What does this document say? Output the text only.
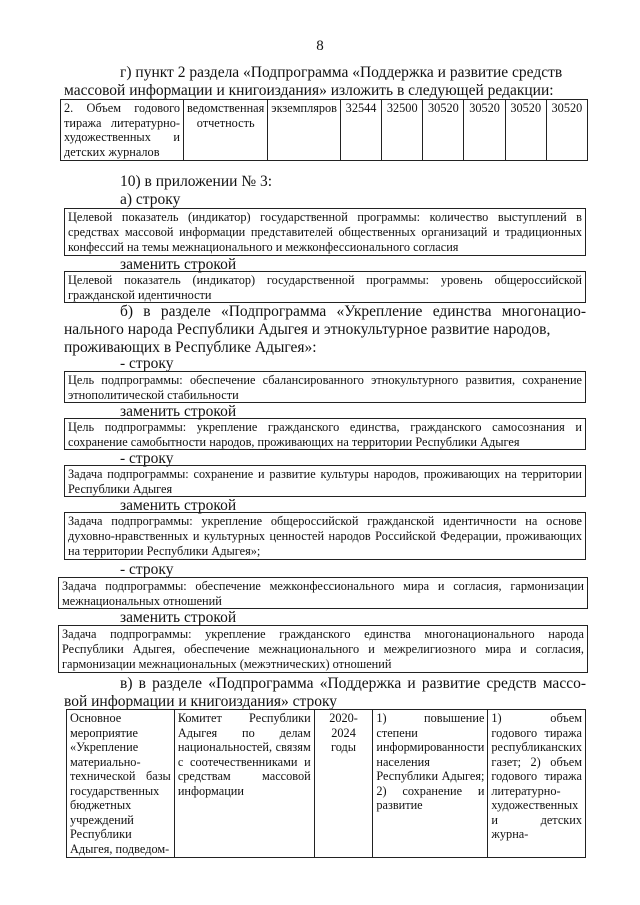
8
г) пункт 2 раздела «Подпрограмма «Поддержка и развитие средств
массовой информации и книгоиздания» изложить в следующей редакции:
2. Объем годового тиража литературно-художественных и детских журналов	ведомственная отчетность	экземпляров	32544	32500	30520	30520	30520	30520
10) в приложении № 3:
а) строку
Целевой показатель (индикатор) государственной программы: количество выступлений в средствах массовой информации представителей общественных организаций и традиционных конфессий на темы межнационального и межконфессионального согласия
заменить строкой
Целевой показатель (индикатор) государственной программы: уровень общероссийской гражданской идентичности
б) в разделе «Подпрограмма «Укрепление единства многонацио-
нального народа Республики Адыгея и этнокультурное развитие народов,
проживающих в Республике Адыгея»:
- строку
Цель подпрограммы: обеспечение сбалансированного этнокультурного развития, сохранение этнополитической стабильности
заменить строкой
Цель подпрограммы: укрепление гражданского единства, гражданского самосознания и сохранение самобытности народов, проживающих на территории Республики Адыгея
- строку
Задача подпрограммы: сохранение и развитие культуры народов, проживающих на территории Республики Адыгея
заменить строкой
Задача подпрограммы: укрепление общероссийской гражданской идентичности на основе духовно-нравственных и культурных ценностей народов Российской Федерации, проживающих на территории Республики Адыгея»;
- строку
Задача подпрограммы: обеспечение межконфессионального мира и согласия, гармонизации межнациональных отношений
заменить строкой
Задача подпрограммы: укрепление гражданского единства многонационального народа Республики Адыгея, обеспечение межнационального и межрелигиозного мира и согласия, гармонизации межнациональных (межэтнических) отношений
в) в разделе «Подпрограмма «Поддержка и развитие средств массо-
вой информации и книгоиздания» строку
Основное мероприятие «Укрепление материально-технической базы государственных бюджетных учреждений Республики Адыгея, подведом-	Комитет Республики Адыгея по делам национальностей, связям с соотечественниками и средствам массовой информации	2020-2024 годы	1) повышение степени информированности населения Республики Адыгея; 2) сохранение и развитие	1) объем годового тиража республиканских газет; 2) объем годового тиража литературно-художественных и детских журна-
